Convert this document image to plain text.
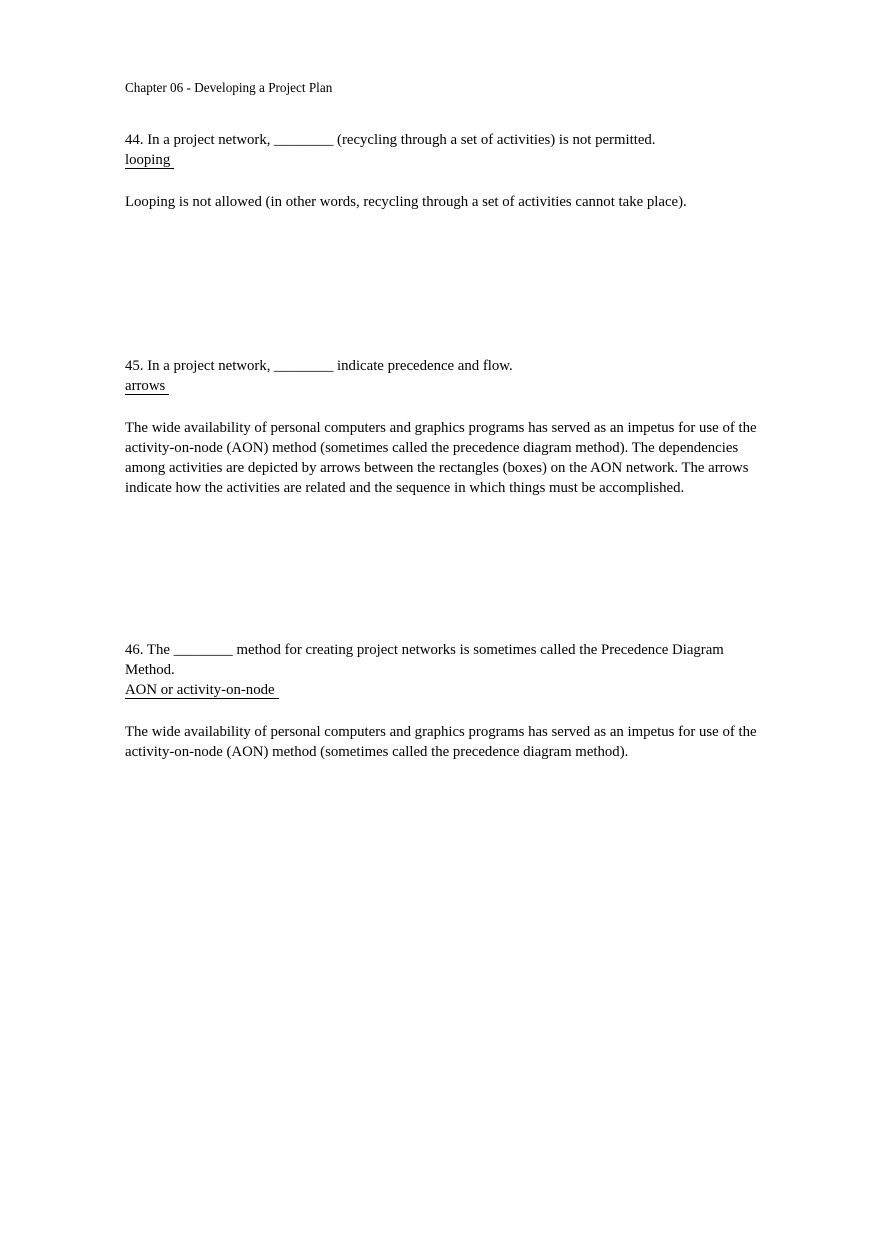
Chapter 06 - Developing a Project Plan

44. In a project network, ________ (recycling through a set of activities) is not permitted.

looping

Looping is not allowed (in other words, recycling through a set of activities cannot take place).

45. In a project network, ________ indicate precedence and flow.

arrows

The wide availability of personal computers and graphics programs has served as an impetus for use of the activity-on-node (AON) method (sometimes called the precedence diagram method). The dependencies among activities are depicted by arrows between the rectangles (boxes) on the AON network. The arrows indicate how the activities are related and the sequence in which things must be accomplished.

46. The ________ method for creating project networks is sometimes called the Precedence Diagram Method.

AON or activity-on-node

The wide availability of personal computers and graphics programs has served as an impetus for use of the activity-on-node (AON) method (sometimes called the precedence diagram method).
